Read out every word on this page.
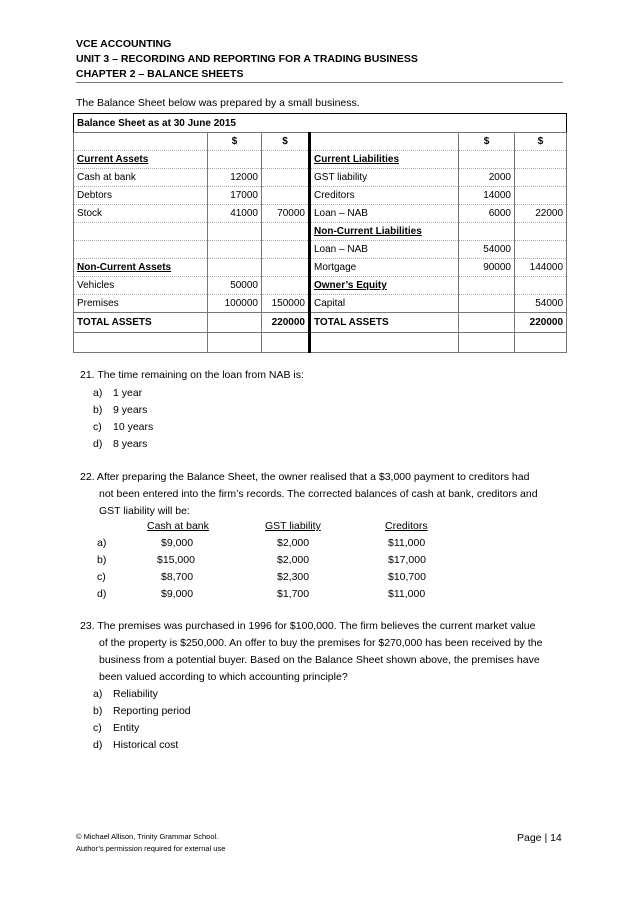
VCE ACCOUNTING
UNIT 3 – RECORDING AND REPORTING FOR A TRADING BUSINESS
CHAPTER 2 – BALANCE SHEETS
The Balance Sheet below was prepared by a small business.
Balance Sheet as at 30 June 2015					
	$	$		$	$
Current Assets			Current Liabilities		
Cash at bank	12000		GST liability	2000	
Debtors	17000		Creditors	14000	
Stock	41000	70000	Loan – NAB	6000	22000
			Non-Current Liabilities		
			Loan – NAB	54000	
Non-Current Assets			Mortgage	90000	144000
Vehicles	50000		Owner’s Equity		
Premises	100000	150000	Capital		54000
TOTAL ASSETS		220000	TOTAL ASSETS		220000

21. The time remaining on the loan from NAB is:
a) 1 year
b) 9 years
c) 10 years
d) 8 years
22. After preparing the Balance Sheet, the owner realised that a $3,000 payment to creditors had
not been entered into the firm’s records. The corrected balances of cash at bank, creditors and
GST liability will be:
Cash at bank	GST liability	Creditors
a)	$9,000	$2,000	$11,000
b)	$15,000	$2,000	$17,000
c)	$8,700	$2,300	$10,700
d)	$9,000	$1,700	$11,000
23. The premises was purchased in 1996 for $100,000. The firm believes the current market value
of the property is $250,000. An offer to buy the premises for $270,000 has been received by the
business from a potential buyer. Based on the Balance Sheet shown above, the premises have
been valued according to which accounting principle?
a) Reliability
b) Reporting period
c) Entity
d) Historical cost
© Michael Allison, Trinity Grammar School.
Author’s permission required for external use
Page | 14
